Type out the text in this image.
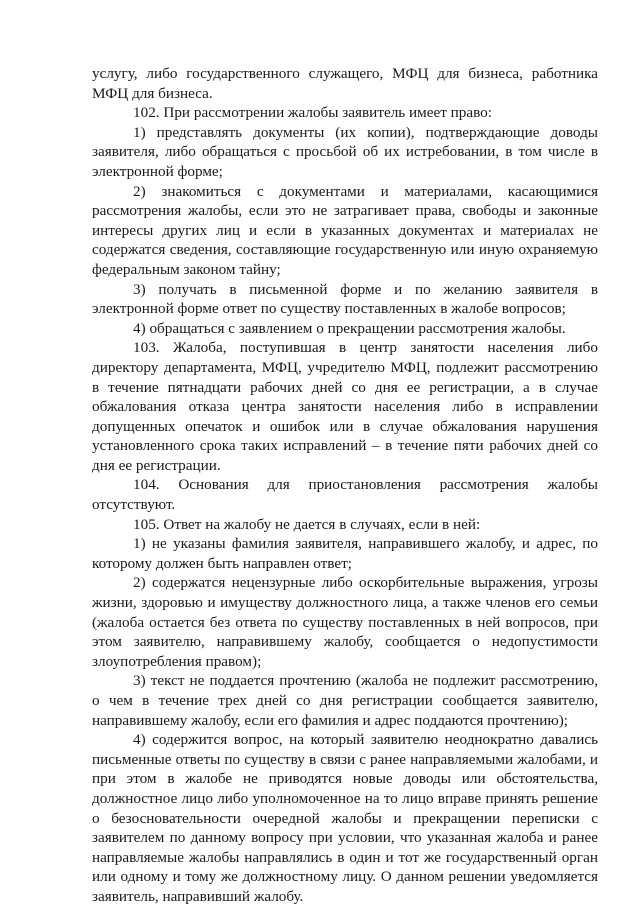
услугу, либо государственного служащего, МФЦ для бизнеса, работника МФЦ для бизнеса.

102. При рассмотрении жалобы заявитель имеет право:

1) представлять документы (их копии), подтверждающие доводы заявителя, либо обращаться с просьбой об их истребовании, в том числе в электронной форме;

2) знакомиться с документами и материалами, касающимися рассмотрения жалобы, если это не затрагивает права, свободы и законные интересы других лиц и если в указанных документах и материалах не содержатся сведения, составляющие государственную или иную охраняемую федеральным законом тайну;

3) получать в письменной форме и по желанию заявителя в электронной форме ответ по существу поставленных в жалобе вопросов;

4) обращаться с заявлением о прекращении рассмотрения жалобы.

103. Жалоба, поступившая в центр занятости населения либо директору департамента, МФЦ, учредителю МФЦ, подлежит рассмотрению в течение пятнадцати рабочих дней со дня ее регистрации, а в случае обжалования отказа центра занятости населения либо в исправлении допущенных опечаток и ошибок или в случае обжалования нарушения установленного срока таких исправлений – в течение пяти рабочих дней со дня ее регистрации.

104. Основания для приостановления рассмотрения жалобы отсутствуют.

105. Ответ на жалобу не дается в случаях, если в ней:

1) не указаны фамилия заявителя, направившего жалобу, и адрес, по которому должен быть направлен ответ;

2) содержатся нецензурные либо оскорбительные выражения, угрозы жизни, здоровью и имуществу должностного лица, а также членов его семьи (жалоба остается без ответа по существу поставленных в ней вопросов, при этом заявителю, направившему жалобу, сообщается о недопустимости злоупотребления правом);

3) текст не поддается прочтению (жалоба не подлежит рассмотрению, о чем в течение трех дней со дня регистрации сообщается заявителю, направившему жалобу, если его фамилия и адрес поддаются прочтению);

4) содержится вопрос, на который заявителю неоднократно давались письменные ответы по существу в связи с ранее направляемыми жалобами, и при этом в жалобе не приводятся новые доводы или обстоятельства, должностное лицо либо уполномоченное на то лицо вправе принять решение о безосновательности очередной жалобы и прекращении переписки с заявителем по данному вопросу при условии, что указанная жалоба и ранее направляемые жалобы направлялись в один и тот же государственный орган или одному и тому же должностному лицу. О данном решении уведомляется заявитель, направивший жалобу.
